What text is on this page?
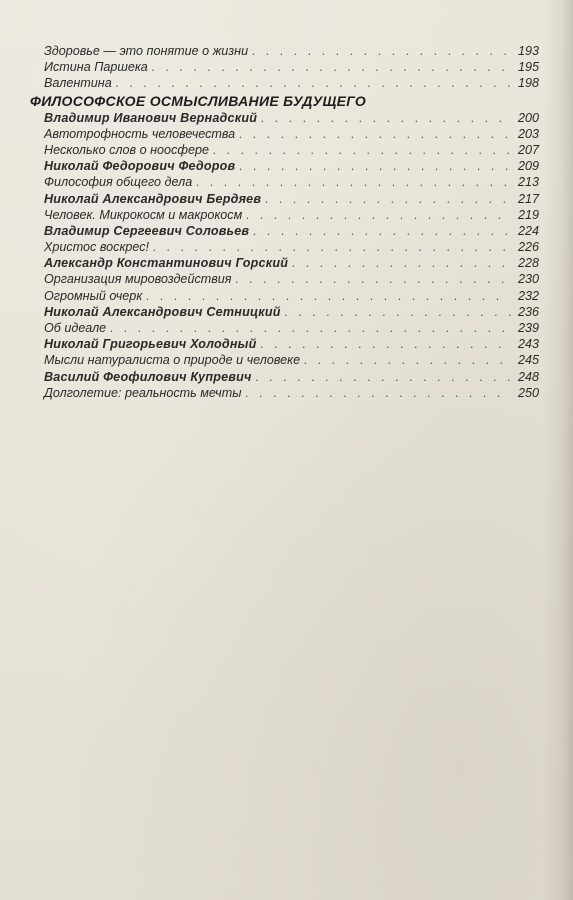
Здоровье — это понятие о жизни . . .	193
Истина Паршека . . .	195
Валентина . . .	198
ФИЛОСОФСКОЕ ОСМЫСЛИВАНИЕ БУДУЩЕГО
Владимир Иванович Вернадский . . .	200
Автотрофность человечества . . .	203
Несколько слов о ноосфере . . .	207
Николай Федорович Федоров . . .	209
Философия общего дела . . .	213
Николай Александрович Бердяев . . .	217
Человек. Микрокосм и макрокосм . . .	219
Владимир Сергеевич Соловьев . . .	224
Христос воскрес! . . .	226
Александр Константинович Горский . . .	228
Организация мировоздействия . . .	230
Огромный очерк . . .	232
Николай Александрович Сетницкий . . .	236
Об идеале . . .	239
Николай Григорьевич Холодный . . .	243
Мысли натуралиста о природе и человеке . . .	245
Василий Феофилович Купревич . . .	248
Долголетие: реальность мечты . . .	250
